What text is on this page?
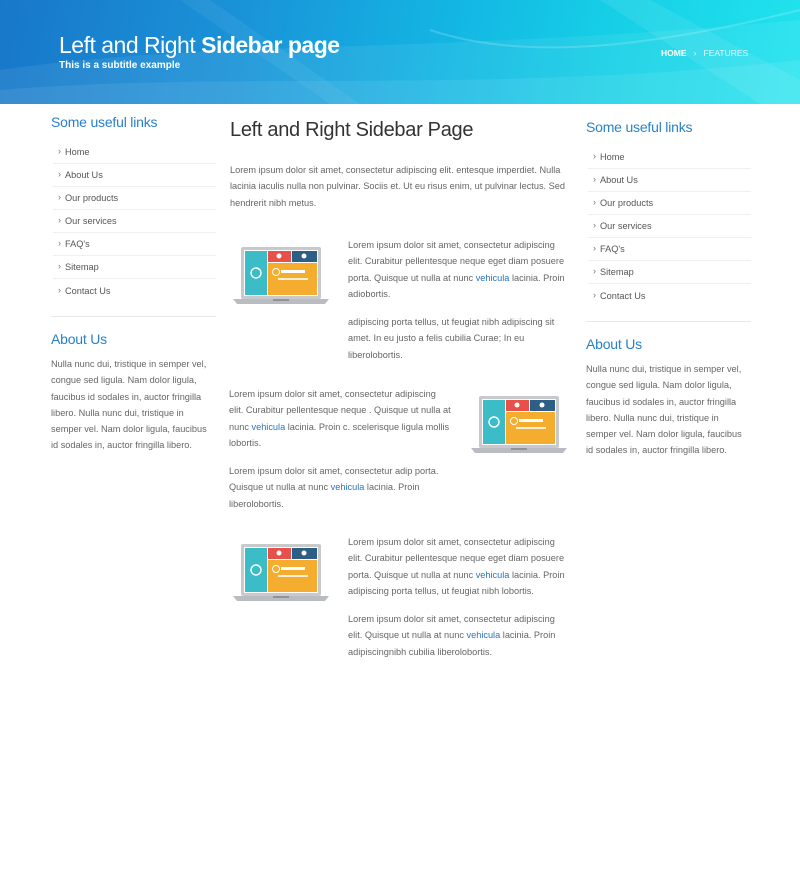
Left and Right Sidebar page
This is a subtitle example
HOME › FEATURES
Some useful links
› Home
› About Us
› Our products
› Our services
› FAQ's
› Sitemap
› Contact Us
About Us

Nulla nunc dui, tristique in semper vel, congue sed ligula. Nam dolor ligula, faucibus id sodales in, auctor fringilla libero. Nulla nunc dui, tristique in semper vel. Nam dolor ligula, faucibus id sodales in, auctor fringilla libero.

Left and Right Sidebar Page

Lorem ipsum dolor sit amet, consectetur adipiscing elit. entesque imperdiet. Nulla lacinia iaculis nulla non pulvinar. Sociis et. Ut eu risus enim, ut pulvinar lectus. Sed hendrerit nibh metus.

Lorem ipsum dolor sit amet, consectetur adipiscing elit. Curabitur pellentesque neque eget diam posuere porta. Quisque ut nulla at nunc vehicula lacinia. Proin adiobortis.

adipiscing porta tellus, ut feugiat nibh adipiscing sit amet. In eu justo a felis cubilia Curae; In eu liberolobortis.

Lorem ipsum dolor sit amet, consectetur adipiscing elit. Curabitur pellentesque neque . Quisque ut nulla at nunc vehicula lacinia. Proin c. scelerisque ligula mollis lobortis.

Lorem ipsum dolor sit amet, consectetur adip porta. Quisque ut nulla at nunc vehicula lacinia. Proin liberolobortis.

Lorem ipsum dolor sit amet, consectetur adipiscing elit. Curabitur pellentesque neque eget diam posuere porta. Quisque ut nulla at nunc vehicula lacinia. Proin adipiscing porta tellus, ut feugiat nibh lobortis.

Lorem ipsum dolor sit amet, consectetur adipiscing elit. Quisque ut nulla at nunc vehicula lacinia. Proin adipiscingnibh cubilia liberolobortis.

Some useful links
› Home
› About Us
› Our products
› Our services
› FAQ's
› Sitemap
› Contact Us
About Us

Nulla nunc dui, tristique in semper vel, congue sed ligula. Nam dolor ligula, faucibus id sodales in, auctor fringilla libero. Nulla nunc dui, tristique in semper vel. Nam dolor ligula, faucibus id sodales in, auctor fringilla libero.
